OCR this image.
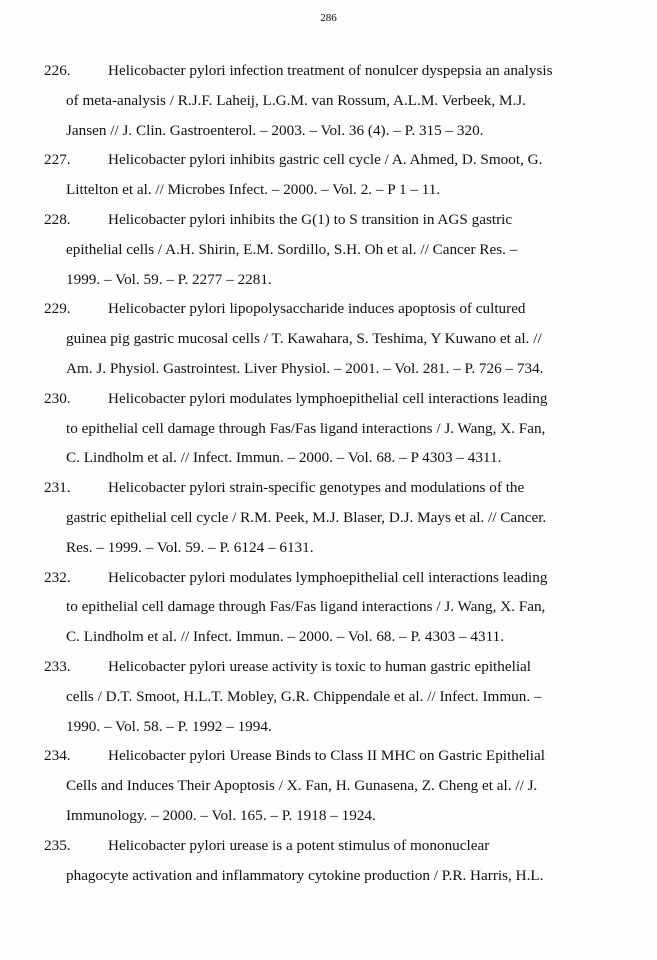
286
226. Helicobacter pylori infection treatment of nonulcer dyspepsia an analysis
of meta-analysis / R.J.F. Laheij, L.G.M. van Rossum, A.L.M. Verbeek, M.J.
Jansen // J. Clin. Gastroenterol. – 2003. – Vol. 36 (4). – P. 315 – 320.
227. Helicobacter pylori inhibits gastric cell cycle / A. Ahmed, D. Smoot, G.
Littelton et al. // Microbes Infect. – 2000. – Vol. 2. – P 1 – 11.
228. Helicobacter pylori inhibits the G(1) to S transition in AGS gastric
epithelial cells / A.H. Shirin, E.M. Sordillo, S.H. Oh et al. // Cancer Res. –
1999. – Vol. 59. – P. 2277 – 2281.
229. Helicobacter pylori lipopolysaccharide induces apoptosis of cultured
guinea pig gastric mucosal cells / T. Kawahara, S. Teshima, Y Kuwano et al. //
Am. J. Physiol. Gastrointest. Liver Physiol. – 2001. – Vol. 281. – P. 726 – 734.
230. Helicobacter pylori modulates lymphoepithelial cell interactions leading
to epithelial cell damage through Fas/Fas ligand interactions / J. Wang, X. Fan,
C. Lindholm et al. // Infect. Immun. – 2000. – Vol. 68. – P 4303 – 4311.
231. Helicobacter pylori strain-specific genotypes and modulations of the
gastric epithelial cell cycle / R.M. Peek, M.J. Blaser, D.J. Mays et al. // Cancer.
Res. – 1999. – Vol. 59. – P. 6124 – 6131.
232. Helicobacter pylori modulates lymphoepithelial cell interactions leading
to epithelial cell damage through Fas/Fas ligand interactions / J. Wang, X. Fan,
C. Lindholm et al. // Infect. Immun. – 2000. – Vol. 68. – P. 4303 – 4311.
233. Helicobacter pylori urease activity is toxic to human gastric epithelial
cells / D.T. Smoot, H.L.T. Mobley, G.R. Chippendale et al. // Infect. Immun. –
1990. – Vol. 58. – P. 1992 – 1994.
234. Helicobacter pylori Urease Binds to Class II MHC on Gastric Epithelial
Cells and Induces Their Apoptosis / X. Fan, H. Gunasena, Z. Cheng et al. // J.
Immunology. – 2000. – Vol. 165. – P. 1918 – 1924.
235. Helicobacter pylori urease is a potent stimulus of mononuclear
phagocyte activation and inflammatory cytokine production / P.R. Harris, H.L.
